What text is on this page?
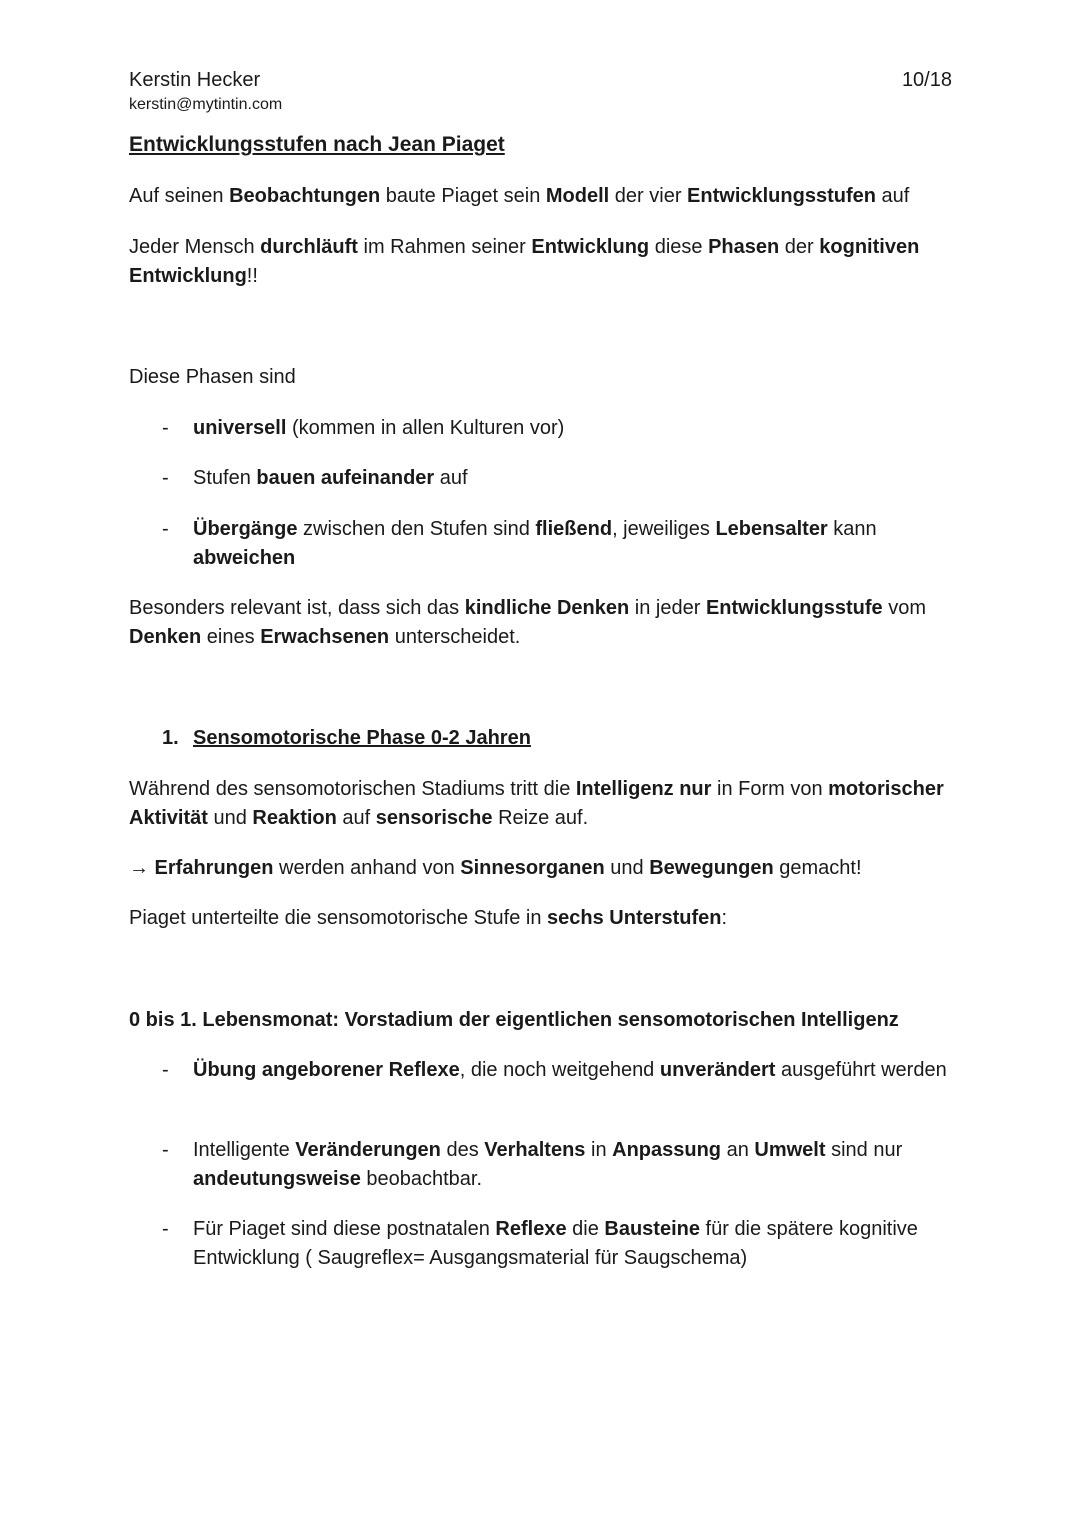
Kerstin Hecker
kerstin@mytintin.com
10/18
Entwicklungsstufen nach Jean Piaget
Auf seinen Beobachtungen baute Piaget sein Modell der vier Entwicklungsstufen auf
Jeder Mensch durchläuft im Rahmen seiner Entwicklung diese Phasen der kognitiven Entwicklung!!
Diese Phasen sind
-	universell (kommen in allen Kulturen vor)
-	Stufen bauen aufeinander auf
-	Übergänge zwischen den Stufen sind fließend, jeweiliges Lebensalter kann abweichen
Besonders relevant ist, dass sich das kindliche Denken in jeder Entwicklungsstufe vom Denken eines Erwachsenen unterscheidet.
1. Sensomotorische Phase 0-2 Jahren
Während des sensomotorischen Stadiums tritt die Intelligenz nur in Form von motorischer Aktivität und Reaktion auf sensorische Reize auf.
→ Erfahrungen werden anhand von Sinnesorganen und Bewegungen gemacht!
Piaget unterteilte die sensomotorische Stufe in sechs Unterstufen:
0 bis 1. Lebensmonat: Vorstadium der eigentlichen sensomotorischen Intelligenz
-	Übung angeborener Reflexe, die noch weitgehend unverändert ausgeführt werden
-	Intelligente Veränderungen des Verhaltens in Anpassung an Umwelt sind nur andeutungsweise beobachtbar.
-	Für Piaget sind diese postnatalen Reflexe die Bausteine für die spätere kognitive Entwicklung ( Saugreflex= Ausgangsmaterial für Saugschema)
